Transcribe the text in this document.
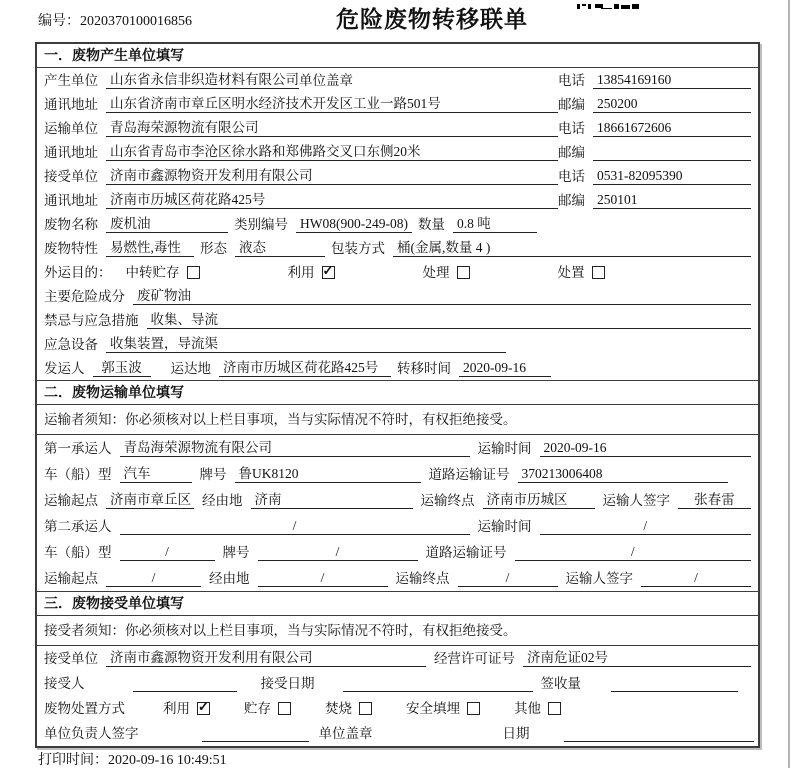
编号：2020370100016856	危险废物转移联单
一．废物产生单位填写
产生单位 山东省永信非织造材料有限公司 单位盖章	电话 13854169160
通讯地址 山东省济南市章丘区明水经济技术开发区工业一路501号	邮编 250200
运输单位 青岛海荣源物流有限公司	电话 18661672606
通讯地址 山东省青岛市李沧区徐水路和郑佛路交叉口东侧20米	邮编
接受单位 济南市鑫源物资开发利用有限公司	电话 0531-82095390
通讯地址 济南市历城区荷花路425号	邮编 250101
废物名称 废机油	类别编号 HW08(900-249-08) 数量 0.8 吨
废物特性 易燃性,毒性	形态 液态	包装方式 桶(金属,数量 4 )
外运目的： 中转贮存	利用 ✓	处理	处置
主要危险成分 废矿物油
禁忌与应急措施 收集、导流
应急设备 收集装置，导流渠
发运人	郭玉波	运达地 济南市历城区荷花路425号	转移时间 2020-09-16
二．废物运输单位填写
运输者须知：你必须核对以上栏目事项，当与实际情况不符时，有权拒绝接受。
第一承运人 青岛海荣源物流有限公司	运输时间 2020-09-16
车（船）型 汽车	牌号 鲁UK8120	道路运输证号 370213006408
运输起点 济南市章丘区 经由地 济南	运输终点 济南市历城区	运输人签字	张春雷
第二承运人	/	运输时间	/
车（船）型	/	牌号	/	道路运输证号	/
运输起点	/	经由地	/	运输终点	/	运输人签字	/
三．废物接受单位填写
接受者须知：你必须核对以上栏目事项，当与实际情况不符时，有权拒绝接受。
接受单位 济南市鑫源物资开发利用有限公司	经营许可证号 济南危证02号
接受人	接受日期	签收量
废物处置方式	利用 ✓	贮存	焚烧	安全填埋	其他
单位负责人签字	单位盖章	日期
打印时间：2020-09-16 10:49:51
